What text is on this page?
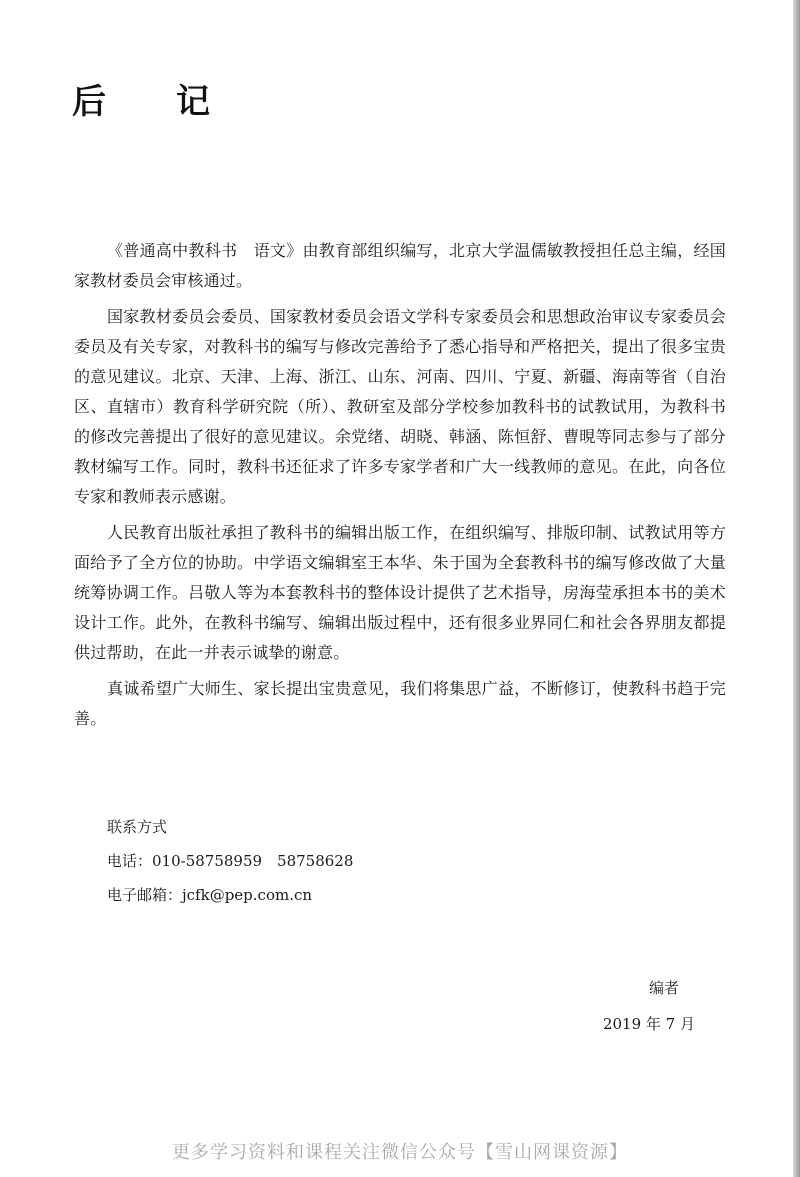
后　记

《普通高中教科书　语文》由教育部组织编写，北京大学温儒敏教授担任总主编，经国家教材委员会审核通过。

国家教材委员会委员、国家教材委员会语文学科专家委员会和思想政治审议专家委员会委员及有关专家，对教科书的编写与修改完善给予了悉心指导和严格把关，提出了很多宝贵的意见建议。北京、天津、上海、浙江、山东、河南、四川、宁夏、新疆、海南等省（自治区、直辖市）教育科学研究院（所）、教研室及部分学校参加教科书的试教试用，为教科书的修改完善提出了很好的意见建议。余党绪、胡晓、韩涵、陈恒舒、曹晛等同志参与了部分教材编写工作。同时，教科书还征求了许多专家学者和广大一线教师的意见。在此，向各位专家和教师表示感谢。

人民教育出版社承担了教科书的编辑出版工作，在组织编写、排版印制、试教试用等方面给予了全方位的协助。中学语文编辑室王本华、朱于国为全套教科书的编写修改做了大量统筹协调工作。吕敬人等为本套教科书的整体设计提供了艺术指导，房海莹承担本书的美术设计工作。此外，在教科书编写、编辑出版过程中，还有很多业界同仁和社会各界朋友都提供过帮助，在此一并表示诚挚的谢意。

真诚希望广大师生、家长提出宝贵意见，我们将集思广益，不断修订，使教科书趋于完善。

联系方式
电话：010-58758959　58758628
电子邮箱：jcfk@pep.com.cn
编者
2019 年 7 月
更多学习资料和课程关注微信公众号【雪山网课资源】
